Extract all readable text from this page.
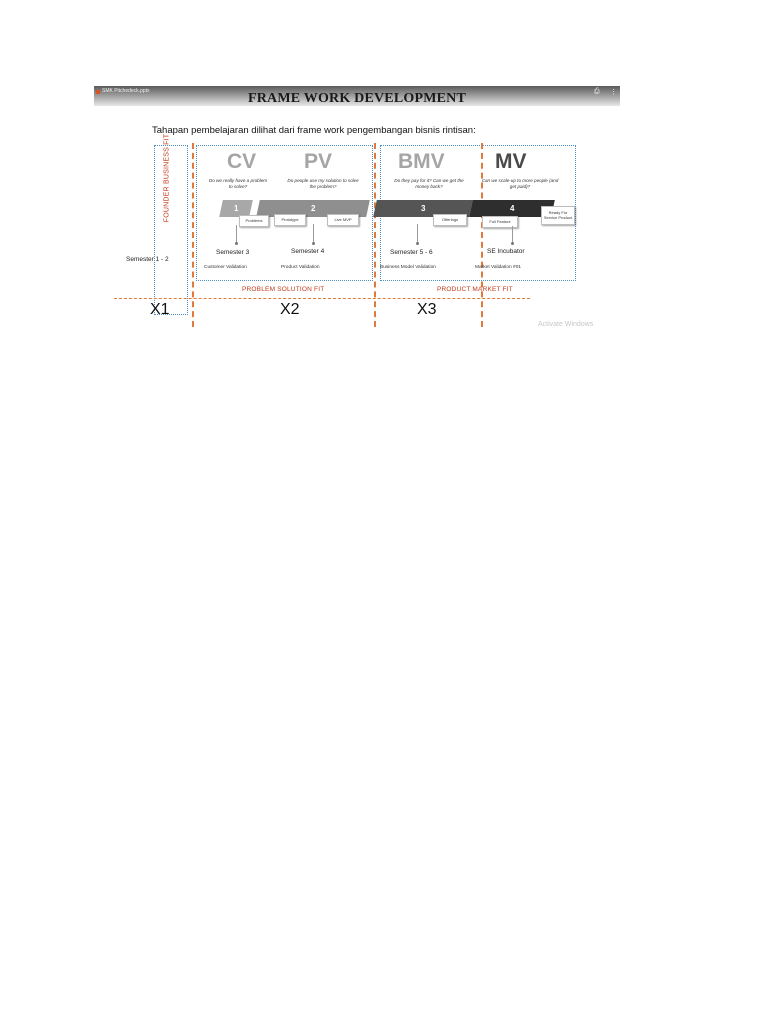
SMK Pitchedeck.pptx	⎙ ⋮
FRAME WORK DEVELOPMENT
Tahapan pembelajaran dilihat dari frame work pengembangan bisnis rintisan:
FOUNDER BUSINESS FIT	CV PV	BMV MV
Do we really have a problem to solve?
Do people use my solution to solve the problem?
Do they pay for it? Can we get the money back?
Can we scale-up to more people (and get paid)?
1	2	3	4
Problems	Prototype	Live MVP	Offerings	Full Feature
Ready For Service Product
Semester 1 - 2
Semester 3	Semester 4	Semester 5 - 6	SE Incubator
Customer Validation	Product Validation	Business Model Validation	Market Validation #01
PROBLEM SOLUTION FIT	PRODUCT MARKET FIT
X1	X2	X3
Activate Windows
